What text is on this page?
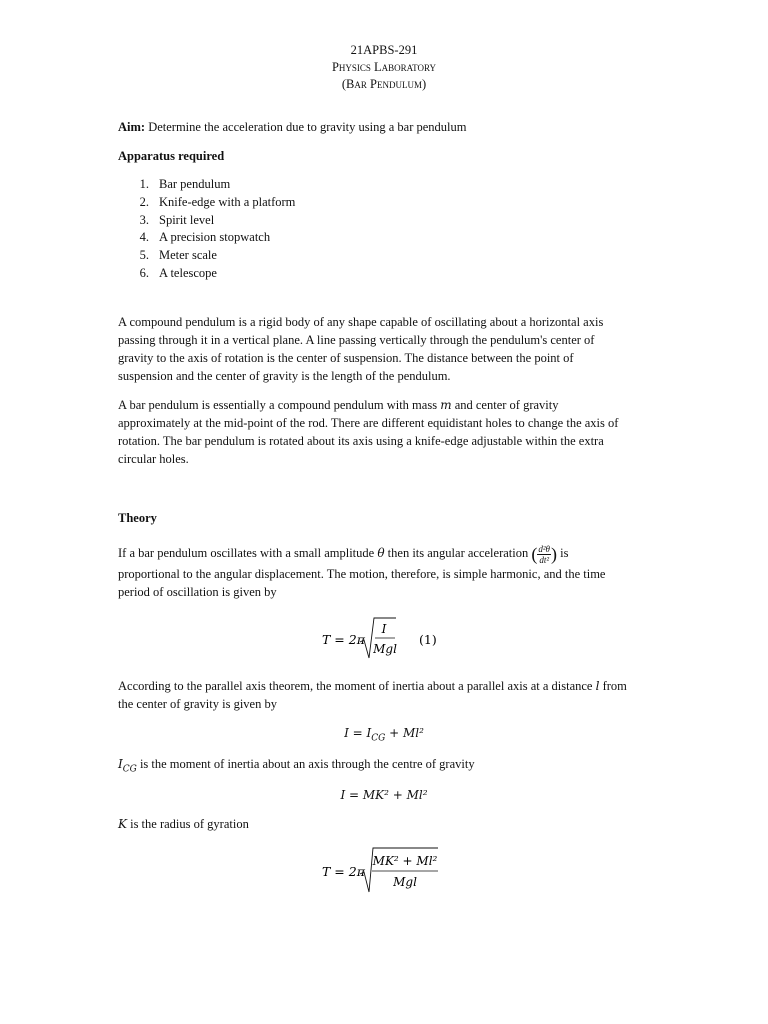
21APBS-291
Physics Laboratory
(Bar Pendulum)
Aim: Determine the acceleration due to gravity using a bar pendulum
Apparatus required
1. Bar pendulum
2. Knife-edge with a platform
3. Spirit level
4. A precision stopwatch
5. Meter scale
6. A telescope
A compound pendulum is a rigid body of any shape capable of oscillating about a horizontal axis
passing through it in a vertical plane. A line passing vertically through the pendulum's center of
gravity to the axis of rotation is the center of suspension. The distance between the point of
suspension and the center of gravity is the length of the pendulum.
A bar pendulum is essentially a compound pendulum with mass m and center of gravity
approximately at the mid-point of the rod. There are different equidistant holes to change the axis of
rotation. The bar pendulum is rotated about its axis using a knife-edge adjustable within the extra
circular holes.
Theory
If a bar pendulum oscillates with a small amplitude θ then its angular acceleration ( $\frac{\text{d²θ}}{\text{dt²}}$ ) is
proportional to the angular displacement. The motion, therefore, is simple harmonic, and the time
period of oscillation is given by
T = 2π
I
Mgl
(1)
According to the parallel axis theorem, the moment of inertia about a parallel axis at a distance l from
the center of gravity is given by
$I = I_{CG} + Ml^2$
$I_{CG}$ is the moment of inertia about an axis through the centre of gravity
I = MK² + Ml²
K is the radius of gyration
T = 2π
MK² + Ml²
Mgl
